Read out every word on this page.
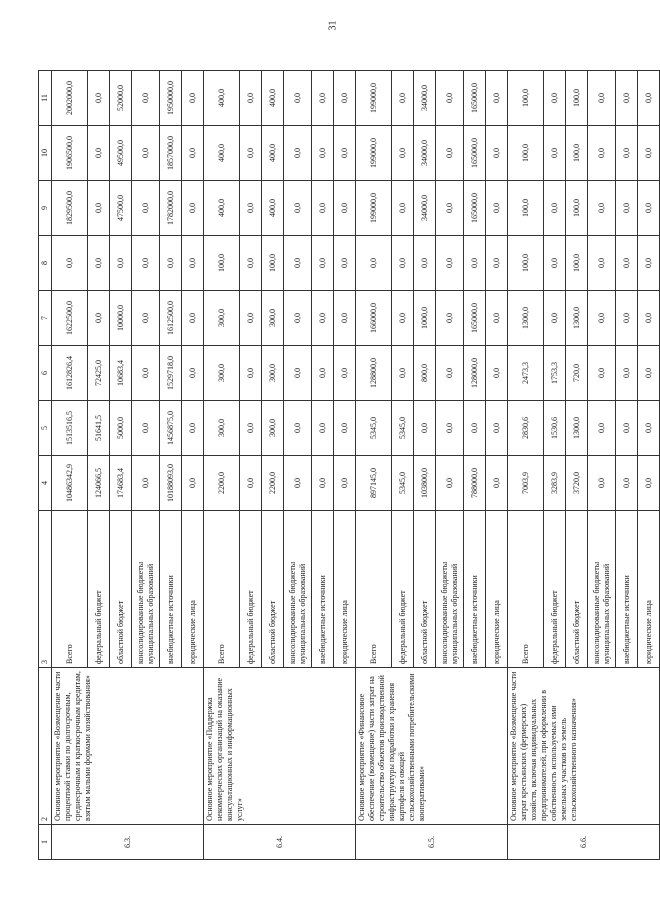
31
1	2	3	4	5	6	7	8	9	10	11
6.3.	Основное мероприятие «Возмещение части процентной ставки по долгосрочным, среднесрочным и краткосрочным кредитам, взятым малыми формами хозяйствования»	Всего	10486342,9	1513516,5	1612826,4	1622500,0	0,0	1829500,0	1906500,0	2002000,0
		федеральный бюджет	124066,5	51641,5	72425,0	0,0	0,0	0,0	0,0	0,0
		областной бюджет	174683,4	5000,0	10683,4	10000,0	0,0	47500,0	49500,0	52000,0
		консолидированные бюджеты муниципальных образований	0,0	0,0	0,0	0,0	0,0	0,0	0,0	0,0
		внебюджетные источники	10188093,0	1456875,0	1529718,0	1612500,0	0,0	1782000,0	1857000,0	1950000,0
		юридические лица	0,0	0,0	0,0	0,0	0,0	0,0	0,0	0,0
6.4.	Основное мероприятие «Поддержка некоммерческих организаций на оказание консультационных и информационных услуг»	Всего	2200,0	300,0	300,0	300,0	100,0	400,0	400,0	400,0
		федеральный бюджет	0,0	0,0	0,0	0,0	0,0	0,0	0,0	0,0
		областной бюджет	2200,0	300,0	300,0	300,0	100,0	400,0	400,0	400,0
		консолидированные бюджеты муниципальных образований	0,0	0,0	0,0	0,0	0,0	0,0	0,0	0,0
		внебюджетные источники	0,0	0,0	0,0	0,0	0,0	0,0	0,0	0,0
		юридические лица	0,0	0,0	0,0	0,0	0,0	0,0	0,0	0,0
6.5.	Основное мероприятие «Финансовое обеспечение (возмещение) части затрат на строительство объектов производственной инфраструктуры подработки и хранения картофеля и овощей сельскохозяйственными потребительскими кооперативами»	Всего	897145,0	5345,0	128800,0	166000,0	0,0	199000,0	199000,0	199000,0
		федеральный бюджет	5345,0	5345,0	0,0	0,0	0,0	0,0	0,0	0,0
		областной бюджет	103800,0	0,0	800,0	1000,0	0,0	34000,0	34000,0	34000,0
		консолидированные бюджеты муниципальных образований	0,0	0,0	0,0	0,0	0,0	0,0	0,0	0,0
		внебюджетные источники	788000,0	0,0	128000,0	165000,0	0,0	165000,0	165000,0	165000,0
		юридические лица	0,0	0,0	0,0	0,0	0,0	0,0	0,0	0,0
6.6.	Основное мероприятие «Возмещение части затрат крестьянских (фермерских) хозяйств, включая индивидуальных предпринимателей, при оформлении в собственность используемых ими земельных участков из земель сельскохозяйственного назначения»	Всего	7003,9	2830,6	2473,3	1300,0	100,0	100,0	100,0	100,0
		федеральный бюджет	3283,9	1530,6	1753,3	0,0	0,0	0,0	0,0	0,0
		областной бюджет	3720,0	1300,0	720,0	1300,0	100,0	100,0	100,0	100,0
		консолидированные бюджеты муниципальных образований	0,0	0,0	0,0	0,0	0,0	0,0	0,0	0,0
		внебюджетные источники	0,0	0,0	0,0	0,0	0,0	0,0	0,0	0,0
		юридические лица	0,0	0,0	0,0	0,0	0,0	0,0	0,0	0,0
